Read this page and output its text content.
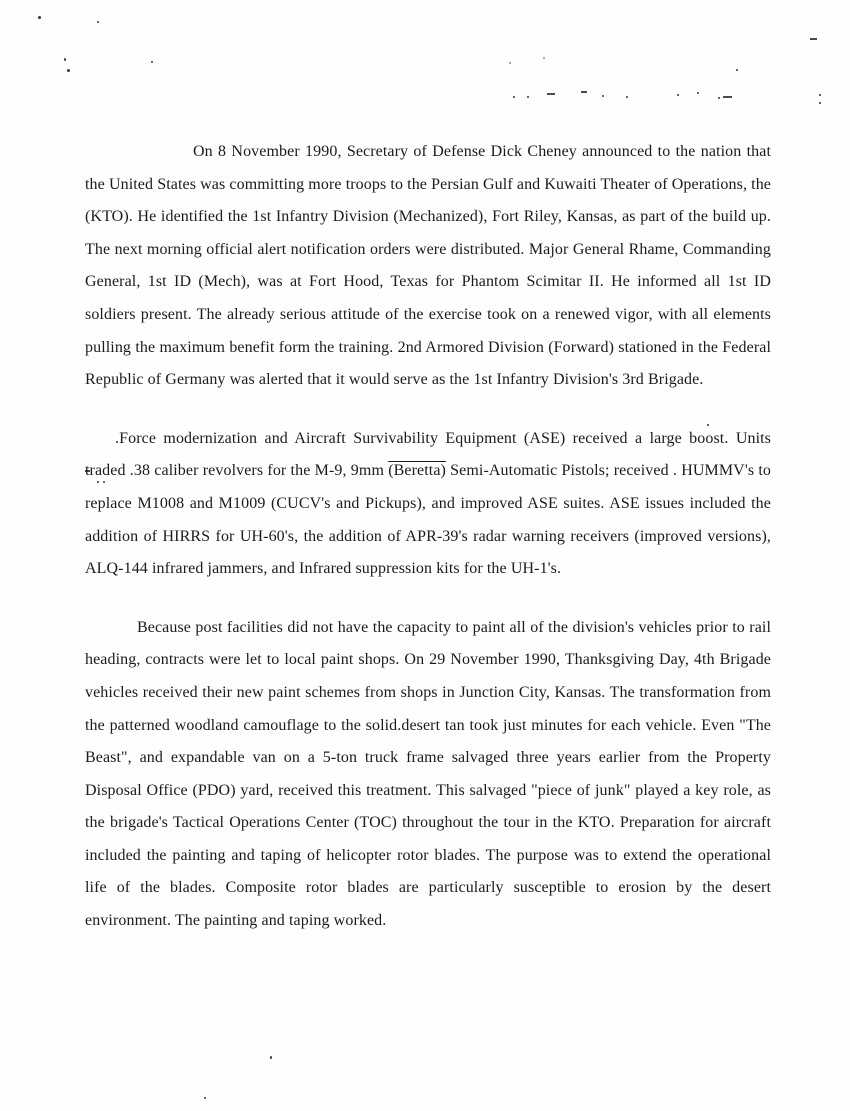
On 8 November 1990, Secretary of Defense Dick Cheney announced to the nation that the United States was committing more troops to the Persian Gulf and Kuwaiti Theater of Operations, the (KTO). He identified the 1st Infantry Division (Mechanized), Fort Riley, Kansas, as part of the build up. The next morning official alert notification orders were distributed. Major General Rhame, Commanding General, 1st ID (Mech), was at Fort Hood, Texas for Phantom Scimitar II. He informed all 1st ID soldiers present. The already serious attitude of the exercise took on a renewed vigor, with all elements pulling the maximum benefit form the training. 2nd Armored Division (Forward) stationed in the Federal Republic of Germany was alerted that it would serve as the 1st Infantry Division's 3rd Brigade.

.Force modernization and Aircraft Survivability Equipment (ASE) received a large boost. Units traded .38 caliber revolvers for the M-9, 9mm (Beretta) Semi-Automatic Pistols; received . HUMMV's to replace M1008 and M1009 (CUCV's and Pickups), and improved ASE suites. ASE issues included the addition of HIRRS for UH-60's, the addition of APR-39's radar warning receivers (improved versions), ALQ-144 infrared jammers, and Infrared suppression kits for the UH-1's.

Because post facilities did not have the capacity to paint all of the division's vehicles prior to rail heading, contracts were let to local paint shops. On 29 November 1990, Thanksgiving Day, 4th Brigade vehicles received their new paint schemes from shops in Junction City, Kansas. The transformation from the patterned woodland camouflage to the solid.desert tan took just minutes for each vehicle. Even "The Beast", and expandable van on a 5-ton truck frame salvaged three years earlier from the Property Disposal Office (PDO) yard, received this treatment. This salvaged "piece of junk" played a key role, as the brigade's Tactical Operations Center (TOC) throughout the tour in the KTO. Preparation for aircraft included the painting and taping of helicopter rotor blades. The purpose was to extend the operational life of the blades. Composite rotor blades are particularly susceptible to erosion by the desert environment. The painting and taping worked.
